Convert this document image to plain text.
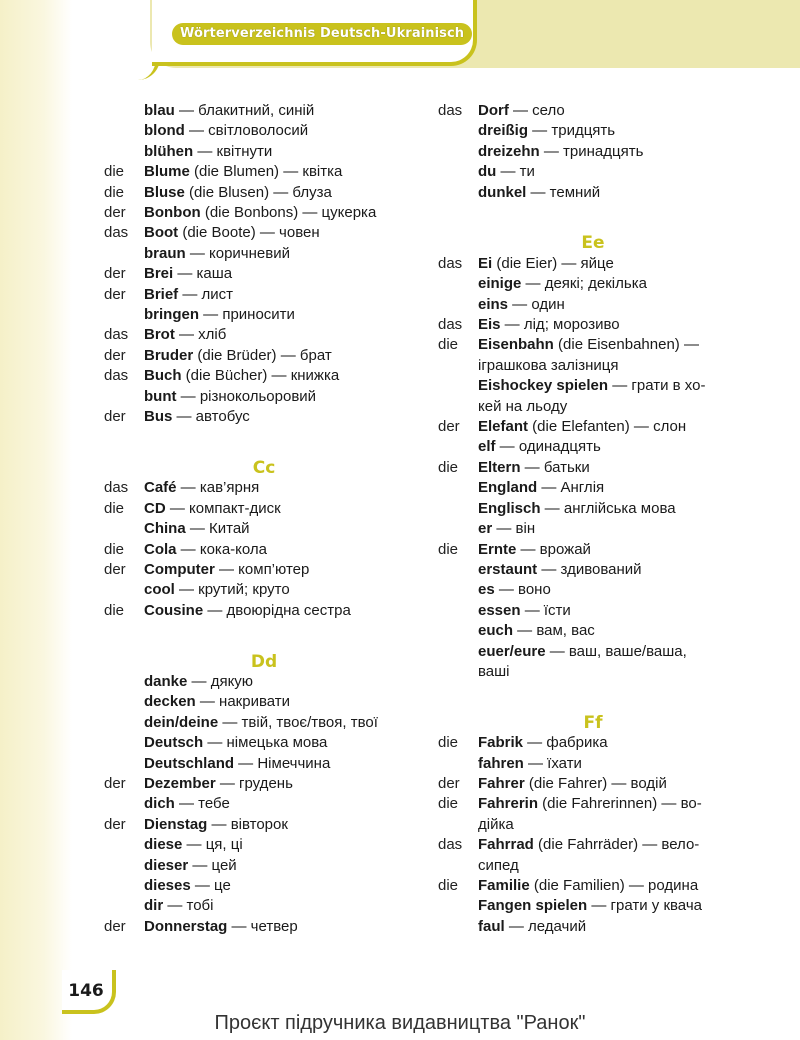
Wörterverzeichnis Deutsch-Ukrainisch
blau — блакитний, синій
blond — світловолосий
blühen — квітнути
die	Blume (die Blumen) — квітка
die	Bluse (die Blusen) — блуза
der	Bonbon (die Bonbons) — цукерка
das	Boot (die Boote) — човен
braun — коричневий
der	Brei — каша
der	Brief — лист
bringen — приносити
das	Brot — хліб
der	Bruder (die Brüder) — брат
das	Buch (die Bücher) — книжка
bunt — різнокольоровий
der	Bus — автобус
Cc
das	Café — кав’ярня
die	CD — компакт-диск
China — Китай
die	Cola — кока-кола
der	Computer — комп’ютер
cool — крутий; круто
die	Cousine — двоюрідна сестра
Dd
danke — дякую
decken — накривати
dein/deine — твій, твоє/твоя, твої
Deutsch — німецька мова
Deutschland — Німеччина
der	Dezember — грудень
dich — тебе
der	Dienstag — вівторок
diese — ця, ці
dieser — цей
dieses — це
dir — тобі
der	Donnerstag — четвер
das	Dorf — село
dreißig — тридцять
dreizehn — тринадцять
du — ти
dunkel — темний
Ee
das	Ei (die Eier) — яйце
einige — деякі; декілька
eins — один
das	Eis — лід; морозиво
die	Eisenbahn (die Eisenbahnen) —
іграшкова залізниця
Eishockey spielen — грати в хо-
кей на льоду
der	Elefant (die Elefanten) — слон
elf — одинадцять
die	Eltern — батьки
England — Англія
Englisch — англійська мова
er — він
die	Ernte — врожай
erstaunt — здивований
es — воно
essen — їсти
euch — вам, вас
euer/eure — ваш, ваше/ваша,
ваші
Ff
die	Fabrik — фабрика
fahren — їхати
der	Fahrer (die Fahrer) — водій
die	Fahrerin (die Fahrerinnen) — во-
дійка
das	Fahrrad (die Fahrräder) — вело-
сипед
die	Familie (die Familien) — родина
Fangen spielen — грати у квача
faul — ледачий
146
Проєкт підручника видавництва "Ранок"
